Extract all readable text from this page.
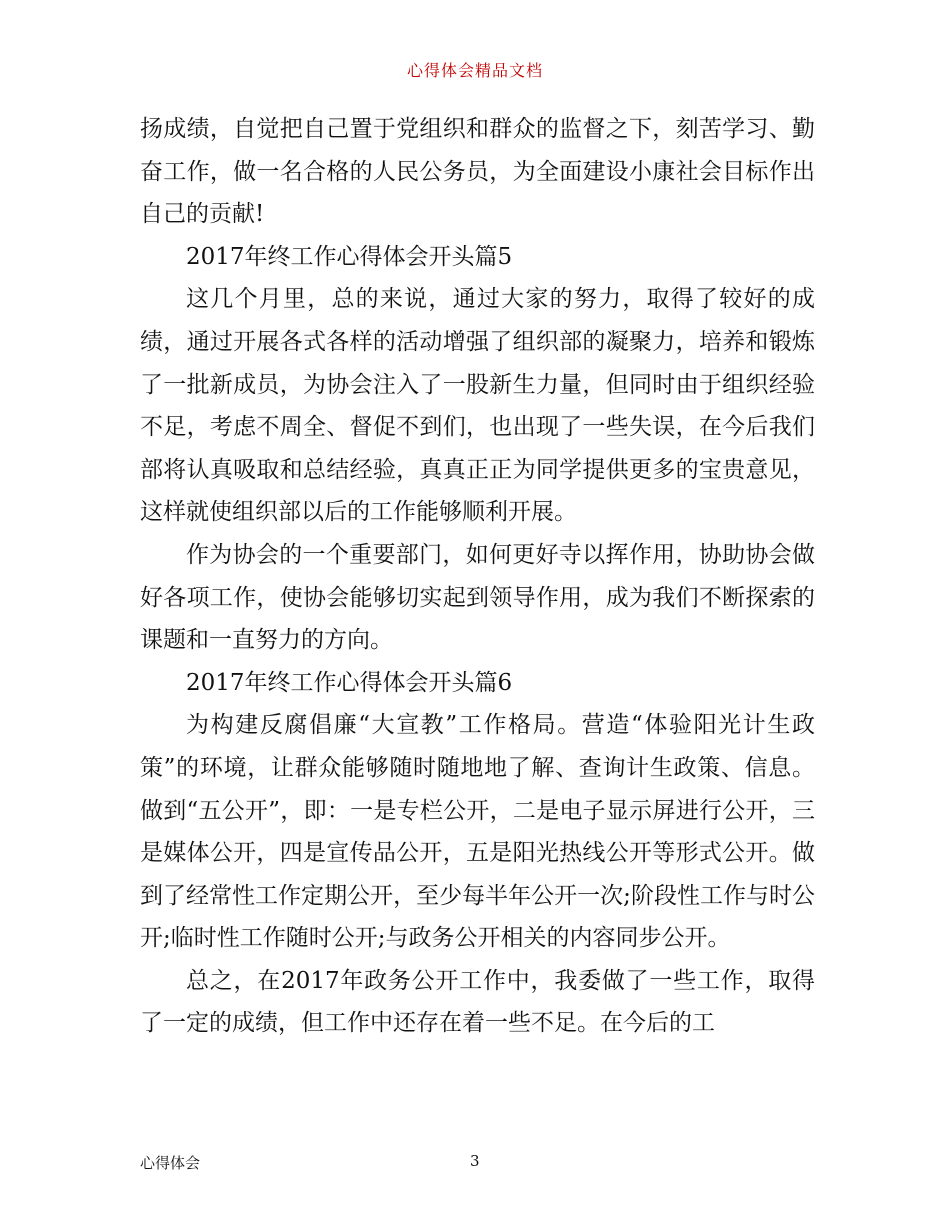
心得体会精品文档

扬成绩，自觉把自己置于党组织和群众的监督之下，刻苦学习、勤奋工作，做一名合格的人民公务员，为全面建设小康社会目标作出自己的贡献!

2017年终工作心得体会开头篇5

这几个月里，总的来说，通过大家的努力，取得了较好的成绩，通过开展各式各样的活动增强了组织部的凝聚力，培养和锻炼了一批新成员，为协会注入了一股新生力量，但同时由于组织经验不足，考虑不周全、督促不到们，也出现了一些失误，在今后我们部将认真吸取和总结经验，真真正正为同学提供更多的宝贵意见，这样就使组织部以后的工作能够顺利开展。

作为协会的一个重要部门，如何更好寺以挥作用，协助协会做好各项工作，使协会能够切实起到领导作用，成为我们不断探索的课题和一直努力的方向。

2017年终工作心得体会开头篇6

为构建反腐倡廉“大宣教”工作格局。营造“体验阳光计生政策”的环境，让群众能够随时随地地了解、查询计生政策、信息。做到“五公开”，即：一是专栏公开，二是电子显示屏进行公开，三是媒体公开，四是宣传品公开，五是阳光热线公开等形式公开。做到了经常性工作定期公开，至少每半年公开一次;阶段性工作与时公开;临时性工作随时公开;与政务公开相关的内容同步公开。

总之，在2017年政务公开工作中，我委做了一些工作，取得了一定的成绩，但工作中还存在着一些不足。在今后的工

心得体会	3
